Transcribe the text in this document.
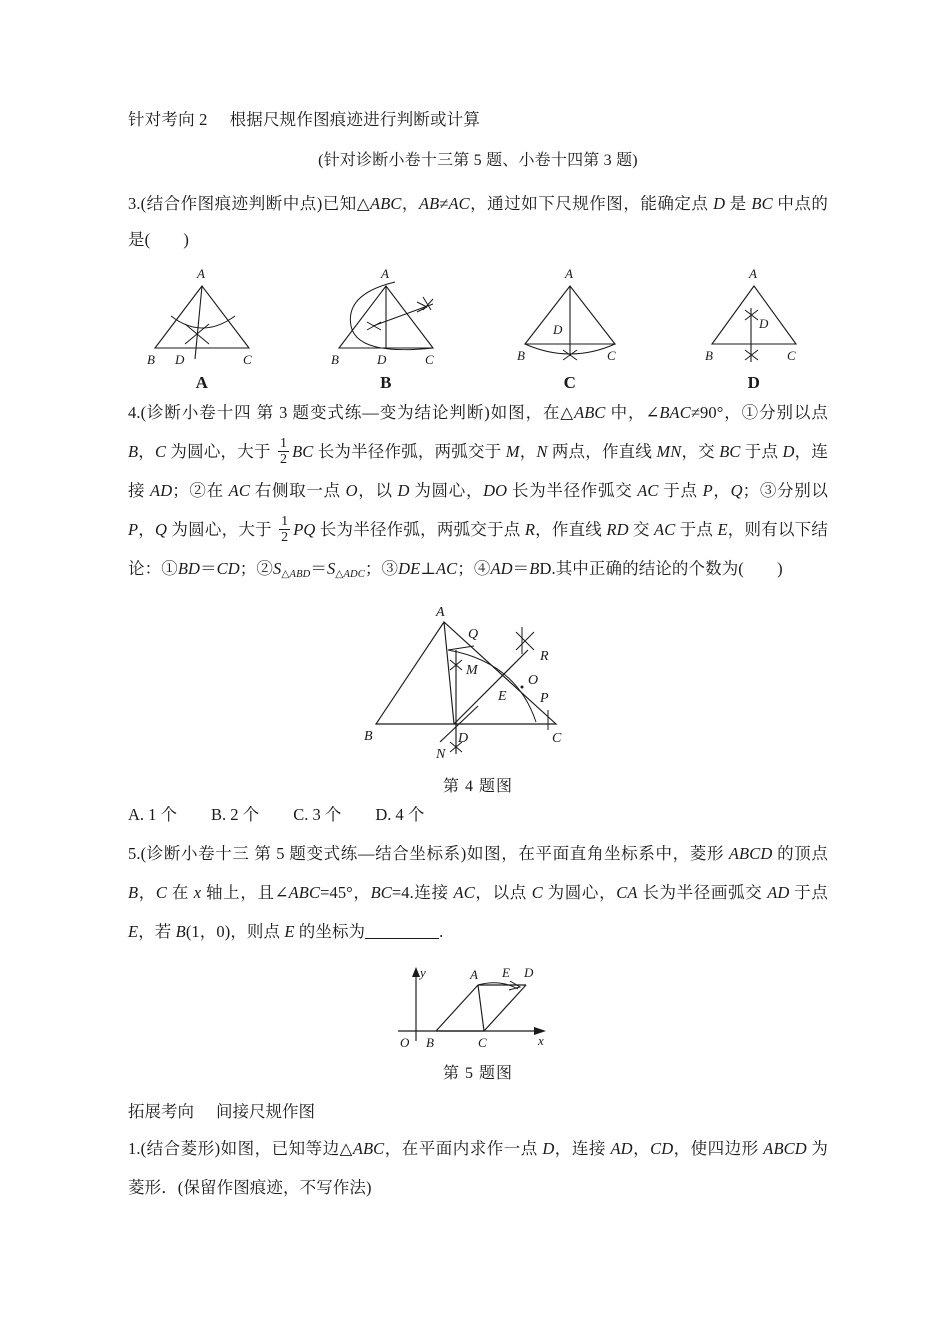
针对考向 2 根据尺规作图痕迹进行判断或计算
(针对诊断小卷十三第 5 题、小卷十四第 3 题)

3.(结合作图痕迹判断中点)已知△ABC，AB≠AC，通过如下尺规作图，能确定点 D 是 BC 中点的是(　　)

A
B D	C
A
A
B	D	C
B
A
B
D
C
C
A
B
D
C
D

4.(诊断小卷十四 第 3 题变式练—变为结论判断)如图，在△ABC 中，∠BAC≠90°，①分别以点 B，C 为圆心，大于 $\frac{1}{2}$ BC 长为半径作弧，两弧交于 M，N 两点，作直线 MN，交 BC 于点 D，连接 AD；②在 AC 右侧取一点 O，以 D 为圆心，DO 长为半径作弧交 AC 于点 P，Q；③分别以 P，Q 为圆心，大于 $\frac{1}{2}$ PQ 长为半径作弧，两弧交于点 R，作直线 RD 交 AC 于点 E，则有以下结论：①BD＝CD；$②S_{\triangle ABD}=S_{\triangle ADC}$；③DE⊥AC；④AD＝BD.其中正确的结论的个数为(　　)

A
Q
R
M
O
E P
B	D	C
N
第 4 题图
A. 1 个 B. 2 个 C. 3 个 D. 4 个

5.(诊断小卷十三 第 5 题变式练—结合坐标系)如图，在平面直角坐标系中，菱形 ABCD 的顶点 B，C 在 x 轴上，且∠ABC=45°，BC=4.连接 AC，以点 C 为圆心，CA 长为半径画弧交 AD 于点 E，若 B(1，0)，则点 E 的坐标为	.

y	A E D
O B	C	x
第 5 题图
拓展考向 间接尺规作图

1.(结合菱形)如图，已知等边△ABC，在平面内求作一点 D，连接 AD，CD，使四边形 ABCD 为菱形．(保留作图痕迹，不写作法)
